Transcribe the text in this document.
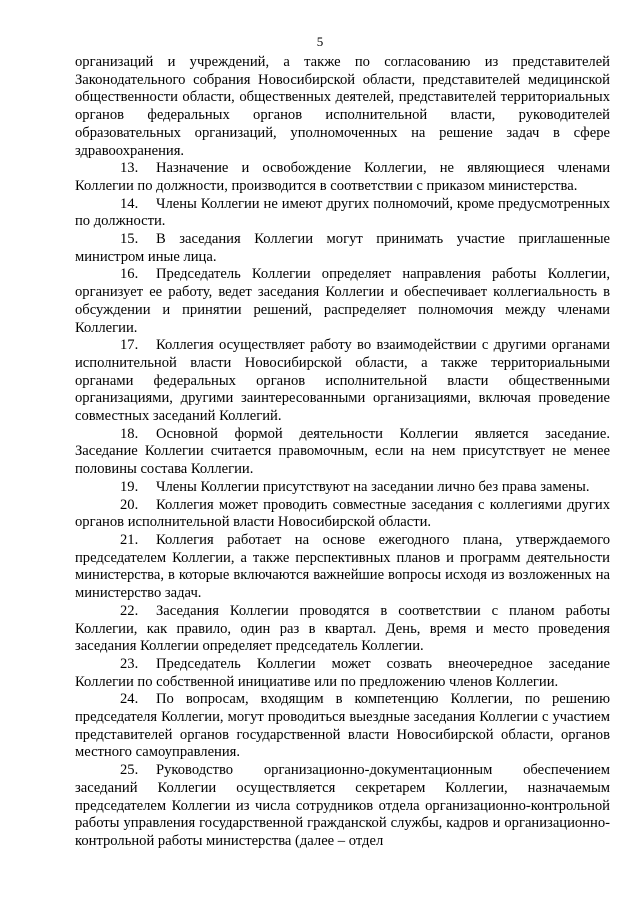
5

организаций и учреждений, а также по согласованию из представителей Законодательного собрания Новосибирской области, представителей медицинской общественности области, общественных деятелей, представителей территориальных органов федеральных органов исполнительной власти, руководителей образовательных организаций, уполномоченных на решение задач в сфере здравоохранения.

13. Назначение и освобождение Коллегии, не являющиеся членами Коллегии по должности, производится в соответствии с приказом министерства.

14. Члены Коллегии не имеют других полномочий, кроме предусмотренных по должности.

15. В заседания Коллегии могут принимать участие приглашенные министром иные лица.

16. Председатель Коллегии определяет направления работы Коллегии, организует ее работу, ведет заседания Коллегии и обеспечивает коллегиальность в обсуждении и принятии решений, распределяет полномочия между членами Коллегии.

17. Коллегия осуществляет работу во взаимодействии с другими органами исполнительной власти Новосибирской области, а также территориальными органами федеральных органов исполнительной власти общественными организациями, другими заинтересованными организациями, включая проведение совместных заседаний Коллегий.

18. Основной формой деятельности Коллегии является заседание. Заседание Коллегии считается правомочным, если на нем присутствует не менее половины состава Коллегии.

19. Члены Коллегии присутствуют на заседании лично без права замены.

20. Коллегия может проводить совместные заседания с коллегиями других органов исполнительной власти Новосибирской области.

21. Коллегия работает на основе ежегодного плана, утверждаемого председателем Коллегии, а также перспективных планов и программ деятельности министерства, в которые включаются важнейшие вопросы исходя из возложенных на министерство задач.

22. Заседания Коллегии проводятся в соответствии с планом работы Коллегии, как правило, один раз в квартал. День, время и место проведения заседания Коллегии определяет председатель Коллегии.

23. Председатель Коллегии может созвать внеочередное заседание Коллегии по собственной инициативе или по предложению членов Коллегии.

24. По вопросам, входящим в компетенцию Коллегии, по решению председателя Коллегии, могут проводиться выездные заседания Коллегии с участием представителей органов государственной власти Новосибирской области, органов местного самоуправления.

25. Руководство организационно-документационным обеспечением заседаний Коллегии осуществляется секретарем Коллегии, назначаемым председателем Коллегии из числа сотрудников отдела организационно-контрольной работы управления государственной гражданской службы, кадров и организационно-контрольной работы министерства (далее – отдел
